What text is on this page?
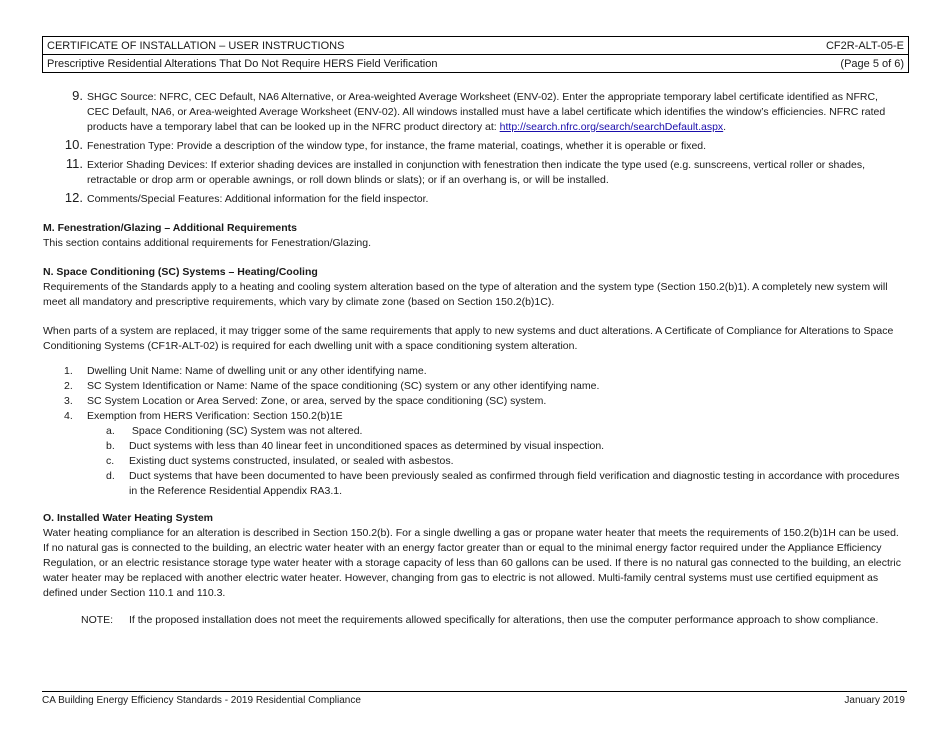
CERTIFICATE OF INSTALLATION – USER INSTRUCTIONS	CF2R-ALT-05-E
Prescriptive Residential Alterations That Do Not Require HERS Field Verification	(Page 5 of 6)
9. SHGC Source: NFRC, CEC Default, NA6 Alternative, or Area-weighted Average Worksheet (ENV-02). Enter the appropriate temporary label certificate identified as NFRC, CEC Default, NA6, or Area-weighted Average Worksheet (ENV-02). All windows installed must have a label certificate which identifies the window’s efficiencies. NFRC rated products have a temporary label that can be looked up in the NFRC product directory at: http://search.nfrc.org/search/searchDefault.aspx.
10. Fenestration Type: Provide a description of the window type, for instance, the frame material, coatings, whether it is operable or fixed.
11. Exterior Shading Devices: If exterior shading devices are installed in conjunction with fenestration then indicate the type used (e.g. sunscreens, vertical roller or shades, retractable or drop arm or operable awnings, or roll down blinds or slats); or if an overhang is, or will be installed.
12. Comments/Special Features: Additional information for the field inspector.
M. Fenestration/Glazing – Additional Requirements
This section contains additional requirements for Fenestration/Glazing.
N. Space Conditioning (SC) Systems – Heating/Cooling
Requirements of the Standards apply to a heating and cooling system alteration based on the type of alteration and the system type (Section 150.2(b)1). A completely new system will meet all mandatory and prescriptive requirements, which vary by climate zone (based on Section 150.2(b)1C).
When parts of a system are replaced, it may trigger some of the same requirements that apply to new systems and duct alterations. A Certificate of Compliance for Alterations to Space Conditioning Systems (CF1R-ALT-02) is required for each dwelling unit with a space conditioning system alteration.
1.	Dwelling Unit Name: Name of dwelling unit or any other identifying name.
2.	SC System Identification or Name: Name of the space conditioning (SC) system or any other identifying name.
3.	SC System Location or Area Served: Zone, or area, served by the space conditioning (SC) system.
4.	Exemption from HERS Verification: Section 150.2(b)1E
a.	Space Conditioning (SC) System was not altered.
b.	Duct systems with less than 40 linear feet in unconditioned spaces as determined by visual inspection.
c.	Existing duct systems constructed, insulated, or sealed with asbestos.
d.	Duct systems that have been documented to have been previously sealed as confirmed through field verification and diagnostic testing in accordance with procedures in the Reference Residential Appendix RA3.1.
O. Installed Water Heating System
Water heating compliance for an alteration is described in Section 150.2(b). For a single dwelling a gas or propane water heater that meets the requirements of 150.2(b)1H can be used. If no natural gas is connected to the building, an electric water heater with an energy factor greater than or equal to the minimal energy factor required under the Appliance Efficiency Regulation, or an electric resistance storage type water heater with a storage capacity of less than 60 gallons can be used. If there is no natural gas connected to the building, an electric water heater may be replaced with another electric water heater. However, changing from gas to electric is not allowed. Multi-family central systems must use certified equipment as defined under Section 110.1 and 110.3.
NOTE:	If the proposed installation does not meet the requirements allowed specifically for alterations, then use the computer performance approach to show compliance.
CA Building Energy Efficiency Standards - 2019 Residential Compliance	January 2019
